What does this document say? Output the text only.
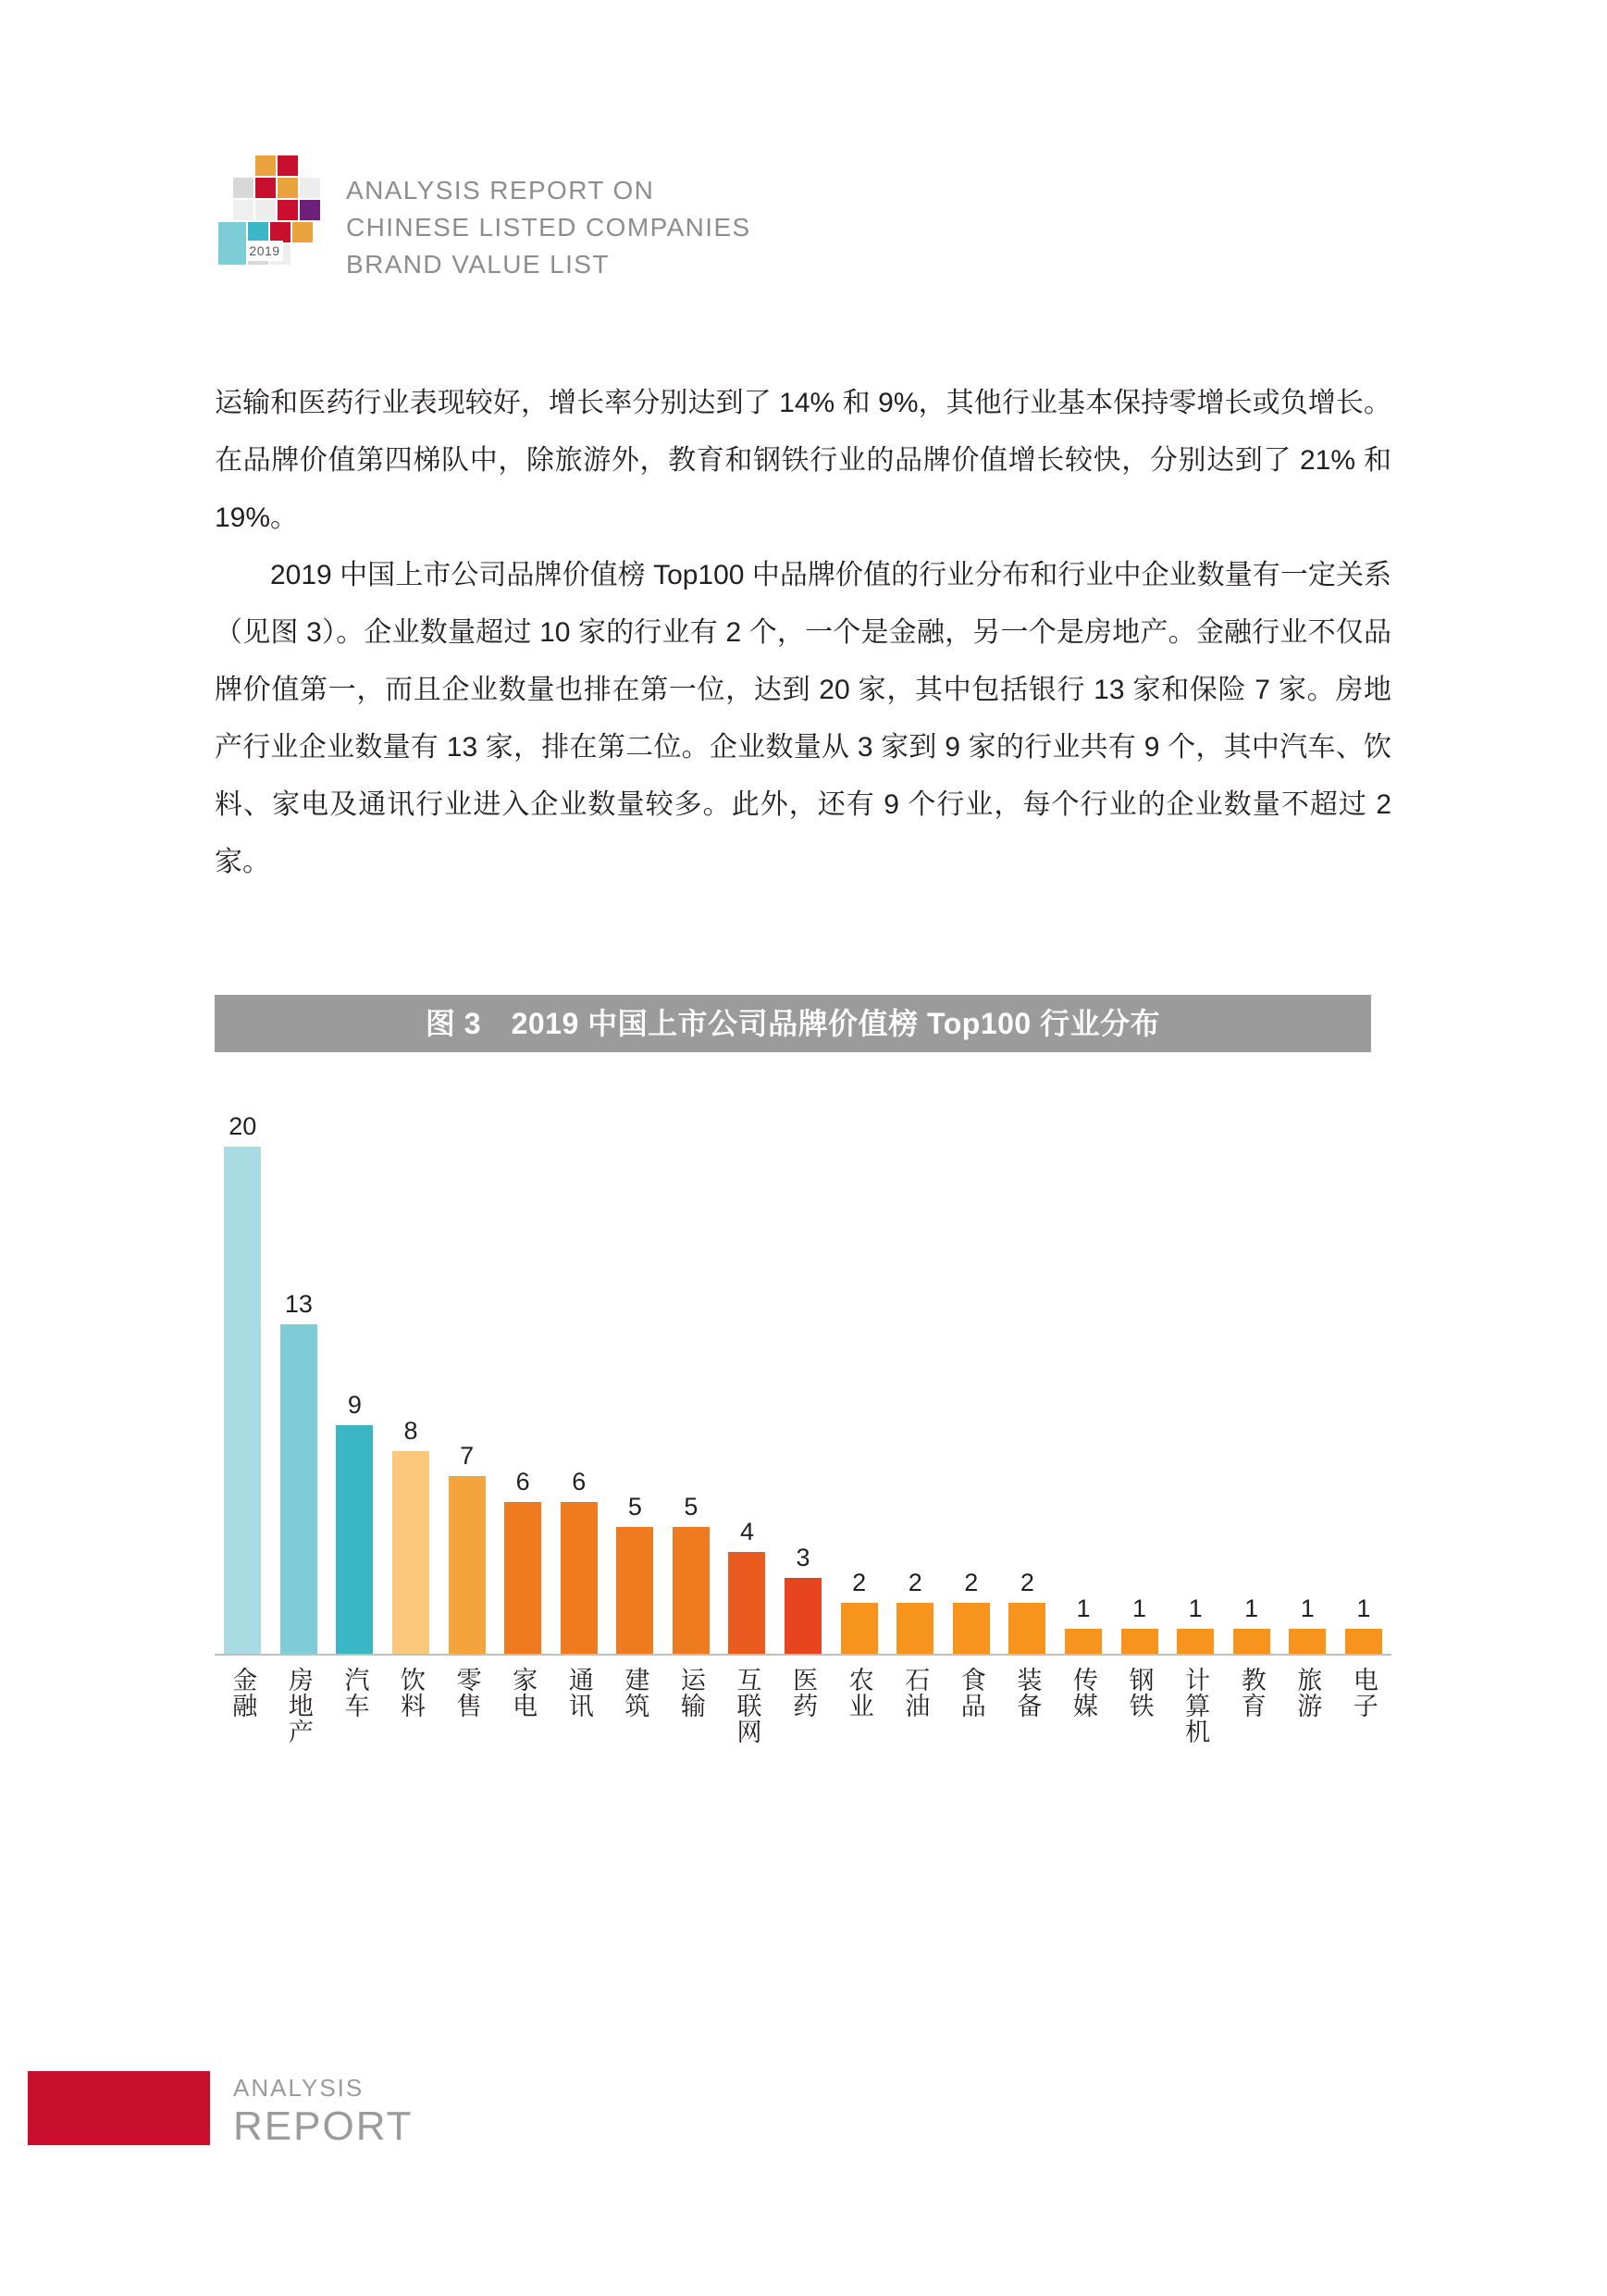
2019
ANALYSIS REPORT ON
CHINESE LISTED COMPANIES
BRAND VALUE LIST

运输和医药行业表现较好，增长率分别达到了 14% 和 9%，其他行业基本保持零增长或负增长。在品牌价值第四梯队中，除旅游外，教育和钢铁行业的品牌价值增长较快，分别达到了 21% 和 19%。

2019 中国上市公司品牌价值榜 Top100 中品牌价值的行业分布和行业中企业数量有一定关系（见图 3）。企业数量超过 10 家的行业有 2 个，一个是金融，另一个是房地产。金融行业不仅品牌价值第一，而且企业数量也排在第一位，达到 20 家，其中包括银行 13 家和保险 7 家。房地产行业企业数量有 13 家，排在第二位。企业数量从 3 家到 9 家的行业共有 9 个，其中汽车、饮料、家电及通讯行业进入企业数量较多。此外，还有 9 个行业，每个行业的企业数量不超过 2 家。

图 3　2019 中国上市公司品牌价值榜 Top100 行业分布
20
13
9
8
7
6 6
5 5
4
3
2 2 2 2
1 1 1 1 1 1
金融 房地产 汽车 饮料 零售 家电 通讯 建筑 运输 互联网 医药 农业 石油 食品 装备 传媒 钢铁 计算机 教育 旅游 电子
ANALYSIS
REPORT
